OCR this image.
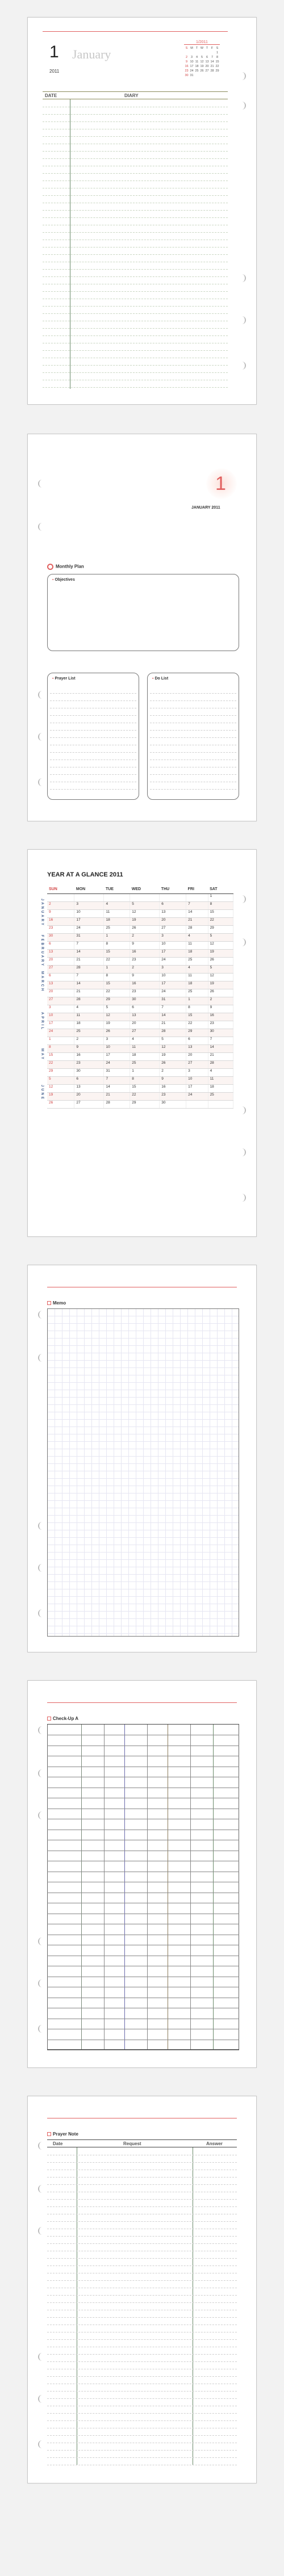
1 January
2011
1/2011
S	M	T	W	T	F	S
						1
2	3	4	5	6	7	8
9	10	11	12	13	14	15
16	17	18	19	20	21	22
23	24	25	26	27	28	29
30	31					
DATE	DIARY
1
JANUARY 2011
Monthly Plan
▪ Objectives
▪ Prayer List	▪ Do List
YEAR AT A GLANCE 2011
SUN	MON	TUE	WED	THU	FRI	SAT
						1
2	3	4	5	6	7	8
9	10	11	12	13	14	15
16	17	18	19	20	21	22
23	24	25	26	27	28	29
30	31	1	2	3	4	5
6	7	8	9	10	11	12
13	14	15	16	17	18	19
20	21	22	23	24	25	26
27	28	1	2	3	4	5
6	7	8	9	10	11	12
13	14	15	16	17	18	19
20	21	22	23	24	25	26
27	28	29	30	31	1	2
3	4	5	6	7	8	9
10	11	12	13	14	15	16
17	18	19	20	21	22	23
24	25	26	27	28	29	30
1	2	3	4	5	6	7
8	9	10	11	12	13	14
15	16	17	18	19	20	21
22	23	24	25	26	27	28
29	30	31	1	2	3	4
5	6	7	8	9	10	11
12	13	14	15	16	17	18
19	20	21	22	23	24	25
26	27	28	29	30		
JANUARY
FEBRUARY
MARCH
APRIL
MAY
JUNE
Memo
Check-Up A
Prayer Note
Date	Request	Answer
